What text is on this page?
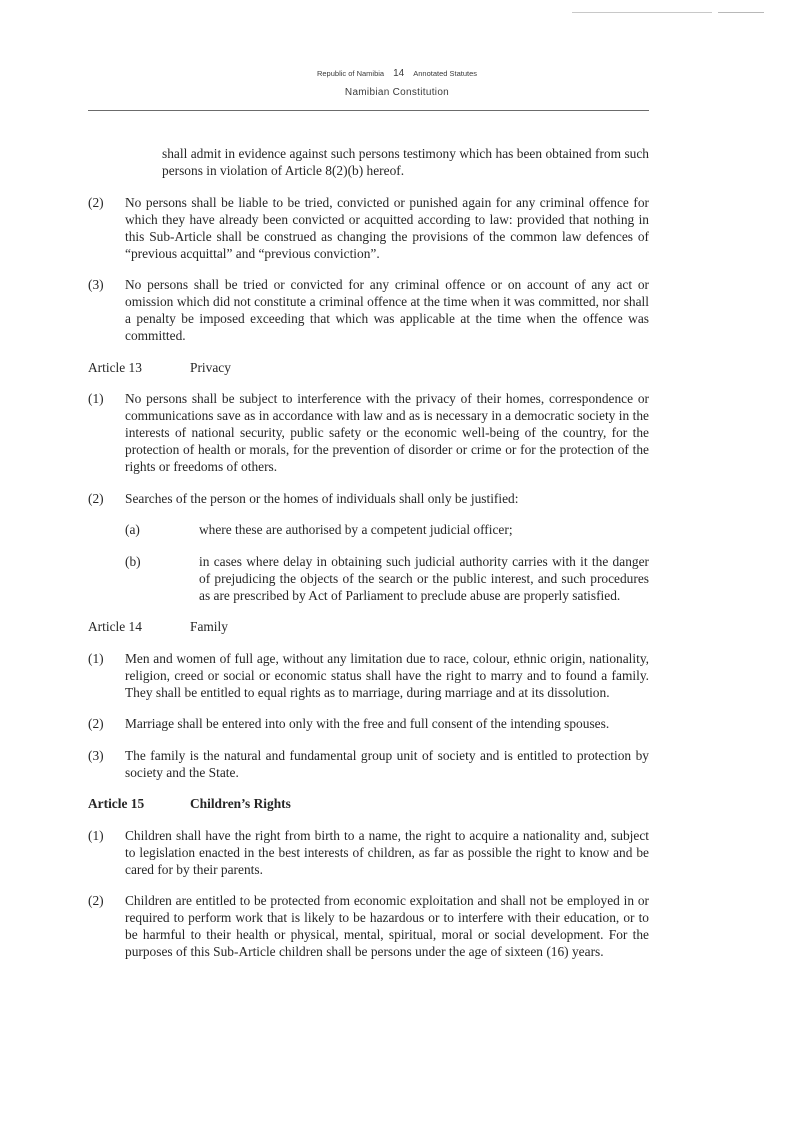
Republic of Namibia 14 Annotated Statutes
Namibian Constitution

shall admit in evidence against such persons testimony which has been obtained from such persons in violation of Article 8(2)(b) hereof.

(2) No persons shall be liable to be tried, convicted or punished again for any criminal offence for which they have already been convicted or acquitted according to law: provided that nothing in this Sub-Article shall be construed as changing the provisions of the common law defences of “previous acquittal” and “previous conviction”.
(3) No persons shall be tried or convicted for any criminal offence or on account of any act or omission which did not constitute a criminal offence at the time when it was committed, nor shall a penalty be imposed exceeding that which was applicable at the time when the offence was committed.
Article 13	Privacy
(1) No persons shall be subject to interference with the privacy of their homes, correspondence or communications save as in accordance with law and as is necessary in a democratic society in the interests of national security, public safety or the economic well-being of the country, for the protection of health or morals, for the prevention of disorder or crime or for the protection of the rights or freedoms of others.
(2) Searches of the person or the homes of individuals shall only be justified:
(a)	where these are authorised by a competent judicial officer;
(b)	in cases where delay in obtaining such judicial authority carries with it the danger of prejudicing the objects of the search or the public interest, and such procedures as are prescribed by Act of Parliament to preclude abuse are properly satisfied.
Article 14	Family
(1) Men and women of full age, without any limitation due to race, colour, ethnic origin, nationality, religion, creed or social or economic status shall have the right to marry and to found a family. They shall be entitled to equal rights as to marriage, during marriage and at its dissolution.
(2) Marriage shall be entered into only with the free and full consent of the intending spouses.
(3) The family is the natural and fundamental group unit of society and is entitled to protection by society and the State.
Article 15	Children’s Rights
(1) Children shall have the right from birth to a name, the right to acquire a nationality and, subject to legislation enacted in the best interests of children, as far as possible the right to know and be cared for by their parents.
(2) Children are entitled to be protected from economic exploitation and shall not be employed in or required to perform work that is likely to be hazardous or to interfere with their education, or to be harmful to their health or physical, mental, spiritual, moral or social development. For the purposes of this Sub-Article children shall be persons under the age of sixteen (16) years.
